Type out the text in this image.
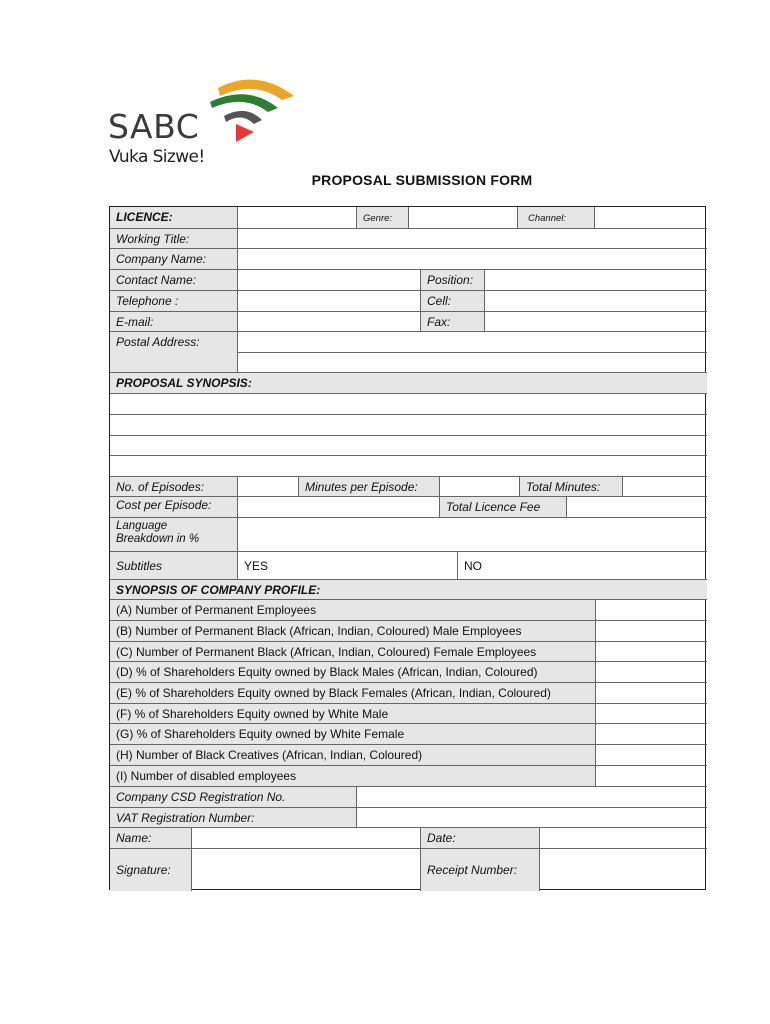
SABC
Vuka Sizwe!
PROPOSAL SUBMISSION FORM
LICENCE:	Genre:	Channel:
Working Title:
Company Name:
Contact Name:	Position:
Telephone :	Cell:
E-mail:	Fax:
Postal Address:
PROPOSAL SYNOPSIS:
No. of Episodes:	Minutes per Episode:	Total Minutes:
Cost per Episode:	Total Licence Fee
Language
Breakdown in %
Subtitles	YES	NO
SYNOPSIS OF COMPANY PROFILE:
(A) Number of Permanent Employees
(B) Number of Permanent Black (African, Indian, Coloured) Male Employees
(C) Number of Permanent Black (African, Indian, Coloured) Female Employees
(D) % of Shareholders Equity owned by Black Males (African, Indian, Coloured)
(E) % of Shareholders Equity owned by Black Females (African, Indian, Coloured)
(F) % of Shareholders Equity owned by White Male
(G) % of Shareholders Equity owned by White Female
(H) Number of Black Creatives (African, Indian, Coloured)
(I) Number of disabled employees
Company CSD Registration No.
VAT Registration Number:
Name:	Date:
Signature:	Receipt Number:
